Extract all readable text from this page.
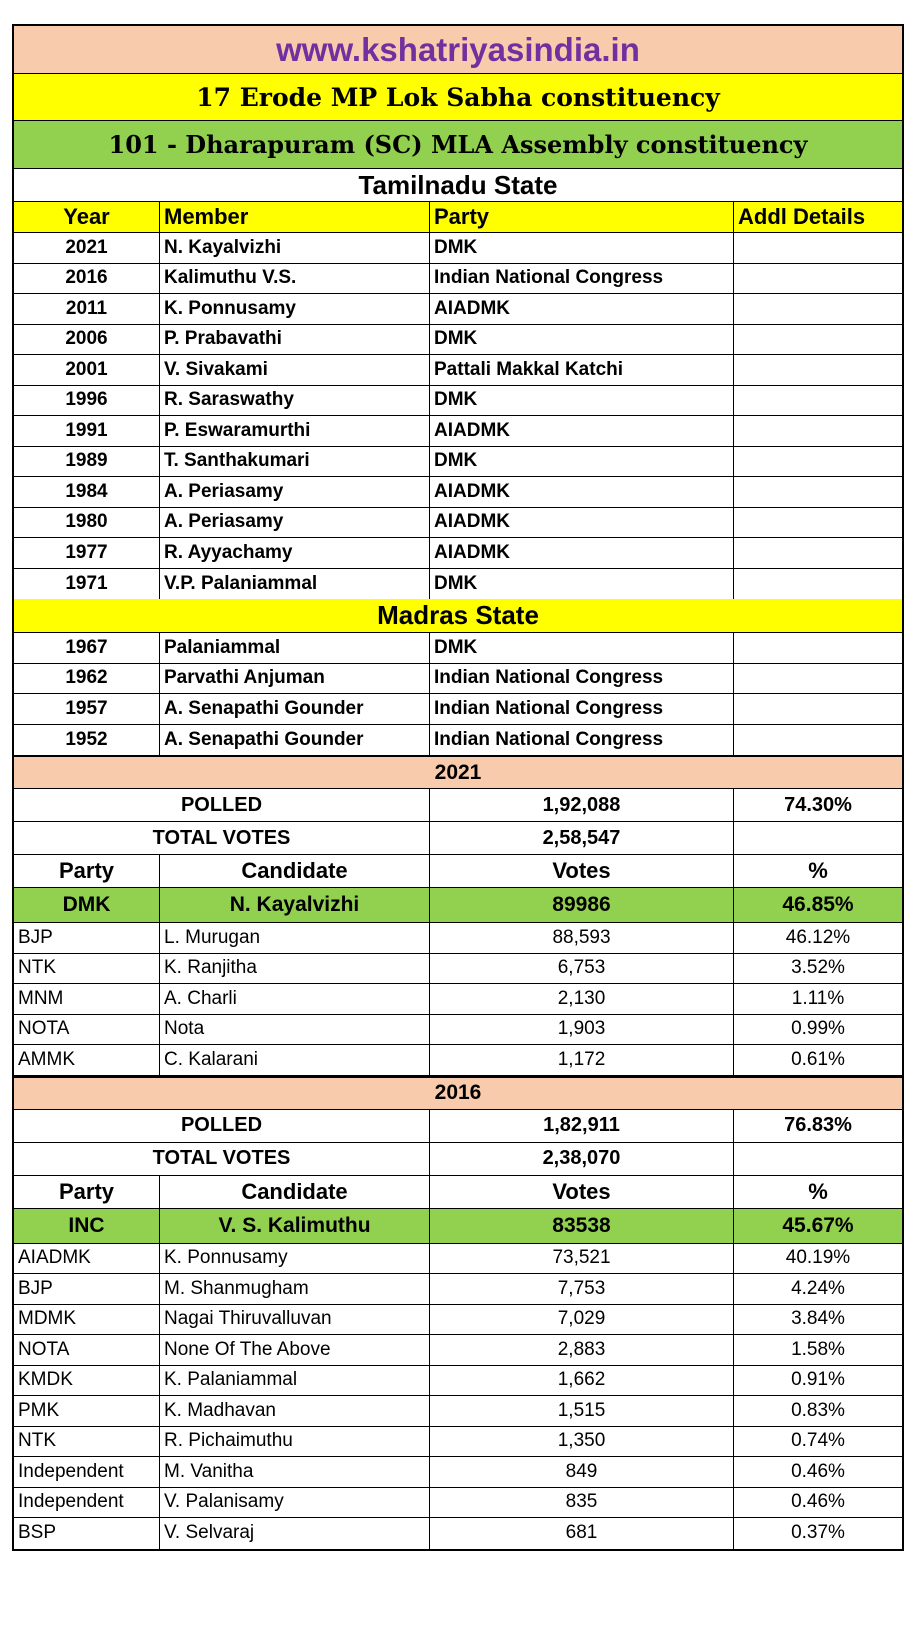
www.kshatriyasindia.in
17 Erode MP Lok Sabha constituency
101 - Dharapuram (SC) MLA Assembly constituency
Tamilnadu State
Year	Member	Party	Addl Details
2021	N. Kayalvizhi	DMK
2016	Kalimuthu V.S.	Indian National Congress
2011	K. Ponnusamy	AIADMK
2006	P. Prabavathi	DMK
2001	V. Sivakami	Pattali Makkal Katchi
1996	R. Saraswathy	DMK
1991	P. Eswaramurthi	AIADMK
1989	T. Santhakumari	DMK
1984	A. Periasamy	AIADMK
1980	A. Periasamy	AIADMK
1977	R. Ayyachamy	AIADMK
1971	V.P. Palaniammal	DMK
Madras State
1967	Palaniammal	DMK
1962	Parvathi Anjuman	Indian National Congress
1957	A. Senapathi Gounder	Indian National Congress
1952	A. Senapathi Gounder	Indian National Congress
2021
POLLED	1,92,088	74.30%
TOTAL VOTES	2,58,547
Party	Candidate	Votes	%
DMK	N. Kayalvizhi	89986	46.85%
BJP	L. Murugan	88,593	46.12%
NTK	K. Ranjitha	6,753	3.52%
MNM	A. Charli	2,130	1.11%
NOTA	Nota	1,903	0.99%
AMMK	C. Kalarani	1,172	0.61%
2016
POLLED	1,82,911	76.83%
TOTAL VOTES	2,38,070
Party	Candidate	Votes	%
INC	V. S. Kalimuthu	83538	45.67%
AIADMK	K. Ponnusamy	73,521	40.19%
BJP	M. Shanmugham	7,753	4.24%
MDMK	Nagai Thiruvalluvan	7,029	3.84%
NOTA	None Of The Above	2,883	1.58%
KMDK	K. Palaniammal	1,662	0.91%
PMK	K. Madhavan	1,515	0.83%
NTK	R. Pichaimuthu	1,350	0.74%
Independent	M. Vanitha	849	0.46%
Independent	V. Palanisamy	835	0.46%
BSP	V. Selvaraj	681	0.37%
